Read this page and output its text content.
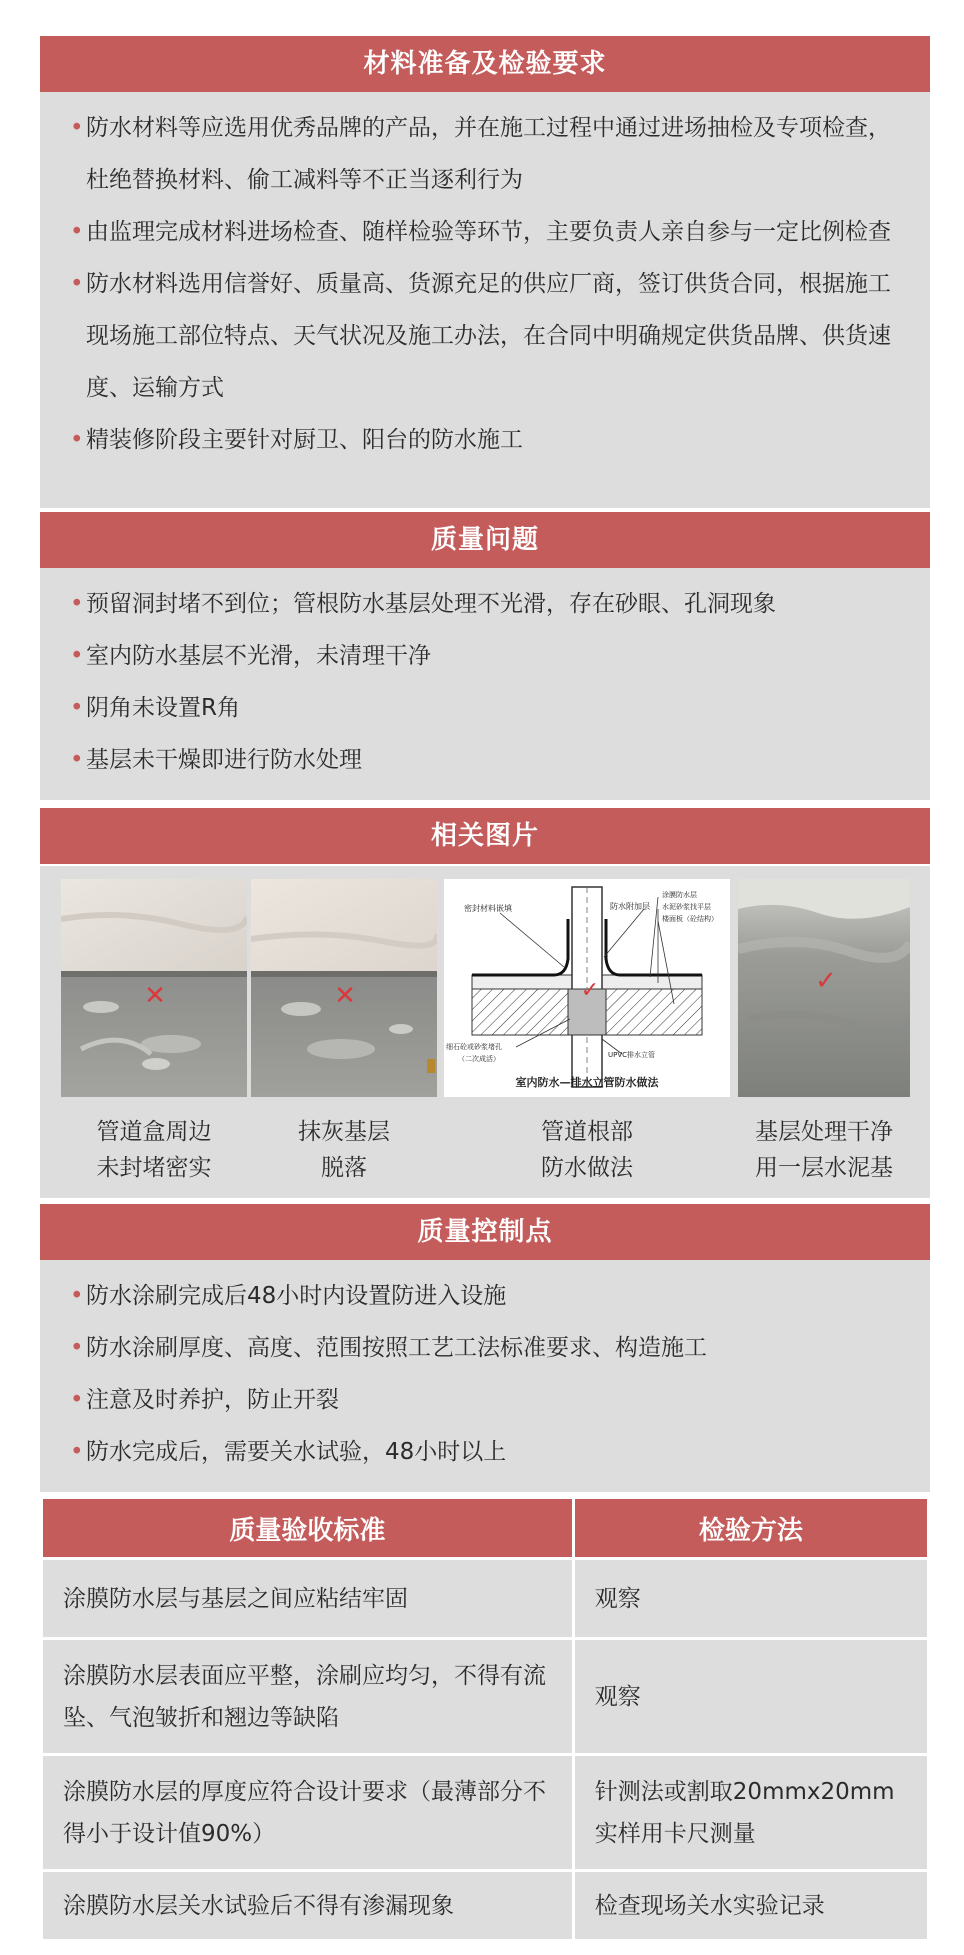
材料准备及检验要求
• 防水材料等应选用优秀品牌的产品，并在施工过程中通过进场抽检及专项检查，杜绝替换材料、偷工减料等不正当逐利行为
• 由监理完成材料进场检查、随样检验等环节，主要负责人亲自参与一定比例检查
• 防水材料选用信誉好、质量高、货源充足的供应厂商，签订供货合同，根据施工现场施工部位特点、天气状况及施工办法，在合同中明确规定供货品牌、供货速度、运输方式
• 精装修阶段主要针对厨卫、阳台的防水施工
质量问题
• 预留洞封堵不到位；管根防水基层处理不光滑，存在砂眼、孔洞现象
• 室内防水基层不光滑，未清理干净
• 阴角未设置R角
• 基层未干燥即进行防水处理
相关图片
✕	✕
密封材料嵌填	防水附加层
涂膜防水层
水泥砂浆找平层
楼面板（砼结构）
细石砼或砂浆堵孔
（二次成活）	UPVC排水立管
室内防水—排水立管防水做法
✓	✓
管道盒周边
未封堵密实
抹灰基层
脱落
管道根部
防水做法
基层处理干净
用一层水泥基
质量控制点
• 防水涂刷完成后48小时内设置防进入设施
• 防水涂刷厚度、高度、范围按照工艺工法标准要求、构造施工
• 注意及时养护，防止开裂
• 防水完成后，需要关水试验，48小时以上
质量验收标准	检验方法
涂膜防水层与基层之间应粘结牢固	观察
涂膜防水层表面应平整，涂刷应均匀，不得有流坠、气泡皱折和翘边等缺陷	观察
涂膜防水层的厚度应符合设计要求（最薄部分不得小于设计值90%）	针测法或割取20mmx20mm实样用卡尺测量
涂膜防水层关水试验后不得有渗漏现象	检查现场关水实验记录
